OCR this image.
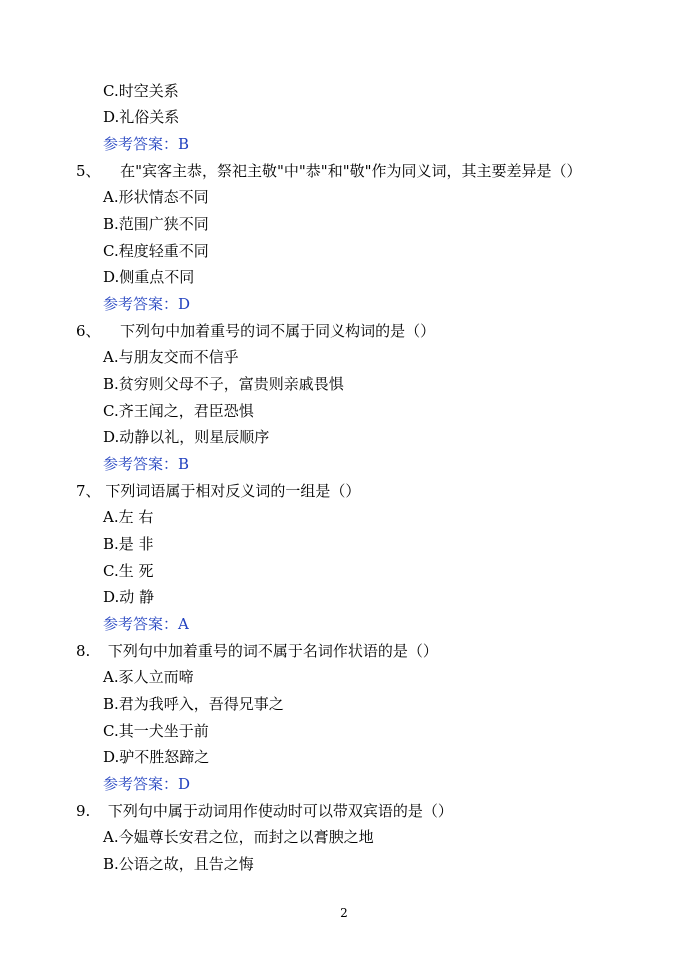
C.时空关系
D.礼俗关系
参考答案：B
5、 在"宾客主恭，祭祀主敬"中"恭"和"敬"作为同义词，其主要差异是（）
A.形状情态不同
B.范围广狭不同
C.程度轻重不同
D.侧重点不同
参考答案：D
6、 下列句中加着重号的词不属于同义构词的是（）
A.与朋友交而不信乎
B.贫穷则父母不子，富贵则亲戚畏惧
C.齐王闻之，君臣恐惧
D.动静以礼，则星辰顺序
参考答案：B
7、 下列词语属于相对反义词的一组是（）
A.左 右
B.是 非
C.生 死
D.动 静
参考答案：A
8. 下列句中加着重号的词不属于名词作状语的是（）
A.豕人立而啼
B.君为我呼入，吾得兄事之
C.其一犬坐于前
D.驴不胜怒蹄之
参考答案：D
9. 下列句中属于动词用作使动时可以带双宾语的是（）
A.今媪尊长安君之位，而封之以膏腴之地
B.公语之故，且告之悔
2
